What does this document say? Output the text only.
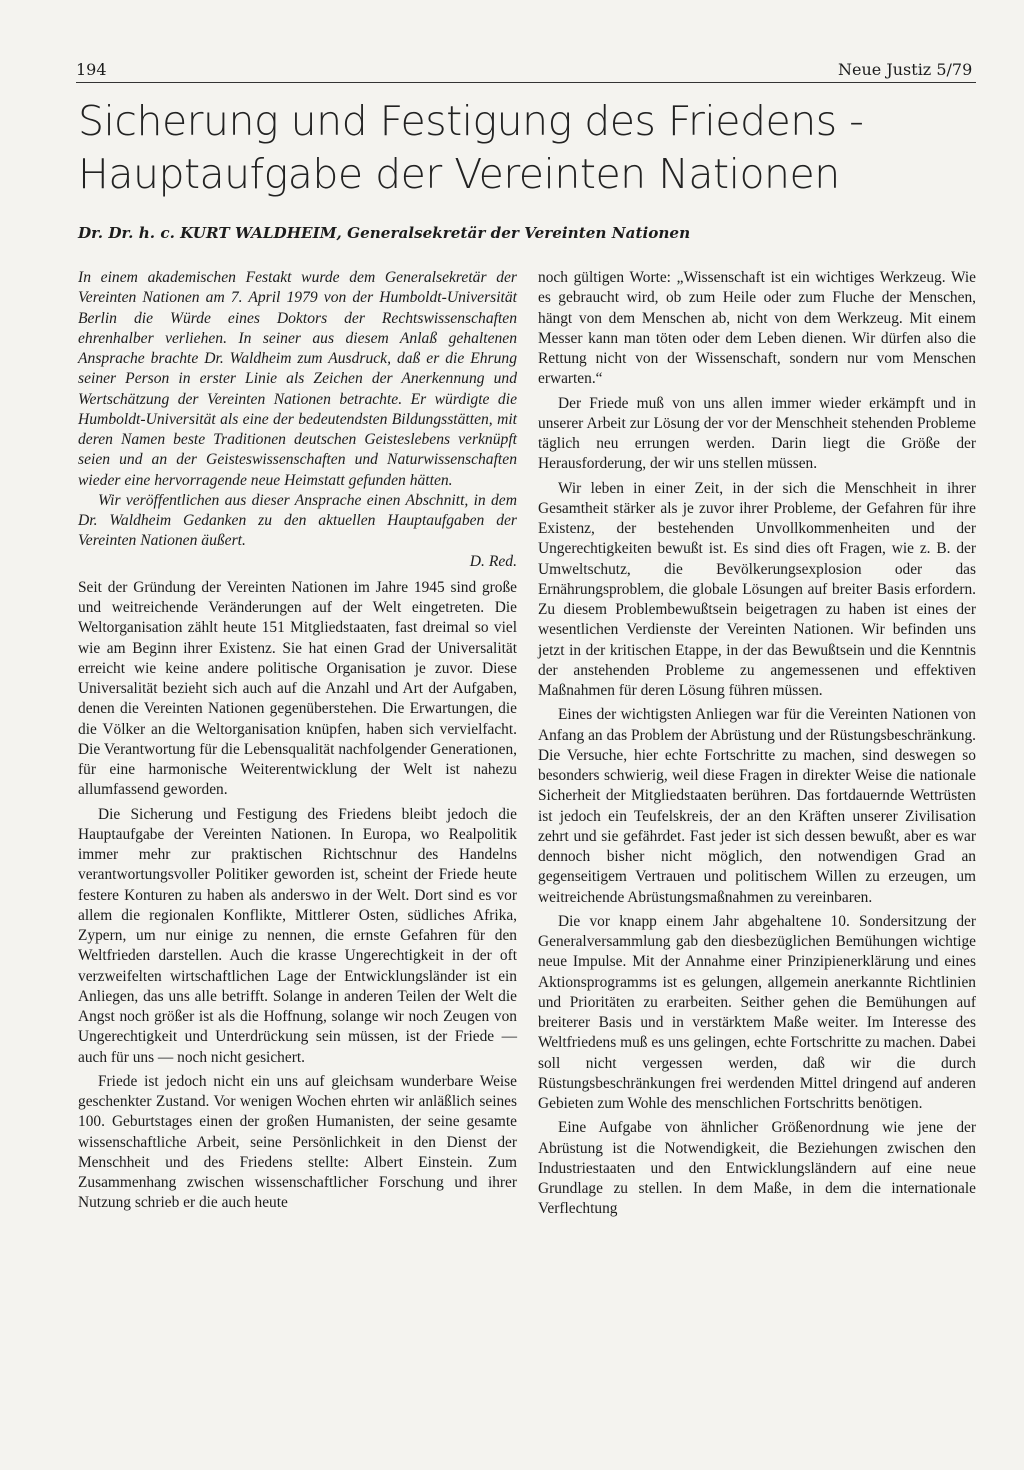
194	Neue Justiz 5/79
Sicherung und Festigung des Friedens -
Hauptaufgabe der Vereinten Nationen
Dr. Dr. h. c. KURT WALDHEIM, Generalsekretär der Vereinten Nationen

In einem akademischen Festakt wurde dem Generalsekretär der Vereinten Nationen am 7. April 1979 von der Humboldt-Universität Berlin die Würde eines Doktors der Rechtswissenschaften ehrenhalber verliehen. In seiner aus diesem Anlaß gehaltenen Ansprache brachte Dr. Waldheim zum Ausdruck, daß er die Ehrung seiner Person in erster Linie als Zeichen der Anerkennung und Wertschätzung der Vereinten Nationen betrachte. Er würdigte die Humboldt-Universität als eine der bedeutendsten Bildungsstätten, mit deren Namen beste Traditionen deutschen Geisteslebens verknüpft seien und an der Geisteswissenschaften und Naturwissenschaften wieder eine hervorragende neue Heimstatt gefunden hätten.

Wir veröffentlichen aus dieser Ansprache einen Abschnitt, in dem Dr. Waldheim Gedanken zu den aktuellen Hauptaufgaben der Vereinten Nationen äußert.

D. Red.

Seit der Gründung der Vereinten Nationen im Jahre 1945 sind große und weitreichende Veränderungen auf der Welt eingetreten. Die Weltorganisation zählt heute 151 Mitgliedstaaten, fast dreimal so viel wie am Beginn ihrer Existenz. Sie hat einen Grad der Universalität erreicht wie keine andere politische Organisation je zuvor. Diese Universalität bezieht sich auch auf die Anzahl und Art der Aufgaben, denen die Vereinten Nationen gegenüberstehen. Die Erwartungen, die die Völker an die Weltorganisation knüpfen, haben sich vervielfacht. Die Verantwortung für die Lebensqualität nachfolgender Generationen, für eine harmonische Weiterentwicklung der Welt ist nahezu allumfassend geworden.

Die Sicherung und Festigung des Friedens bleibt jedoch die Hauptaufgabe der Vereinten Nationen. In Europa, wo Realpolitik immer mehr zur praktischen Richtschnur des Handelns verantwortungsvoller Politiker geworden ist, scheint der Friede heute festere Konturen zu haben als anderswo in der Welt. Dort sind es vor allem die regionalen Konflikte, Mittlerer Osten, südliches Afrika, Zypern, um nur einige zu nennen, die ernste Gefahren für den Weltfrieden darstellen. Auch die krasse Ungerechtigkeit in der oft verzweifelten wirtschaftlichen Lage der Entwicklungsländer ist ein Anliegen, das uns alle betrifft. Solange in anderen Teilen der Welt die Angst noch größer ist als die Hoffnung, solange wir noch Zeugen von Ungerechtigkeit und Unterdrückung sein müssen, ist der Friede — auch für uns — noch nicht gesichert.

Friede ist jedoch nicht ein uns auf gleichsam wunderbare Weise geschenkter Zustand. Vor wenigen Wochen ehrten wir anläßlich seines 100. Geburtstages einen der großen Humanisten, der seine gesamte wissenschaftliche Arbeit, seine Persönlichkeit in den Dienst der Menschheit und des Friedens stellte: Albert Einstein. Zum Zusammenhang zwischen wissenschaftlicher Forschung und ihrer Nutzung schrieb er die auch heute

noch gültigen Worte: „Wissenschaft ist ein wichtiges Werkzeug. Wie es gebraucht wird, ob zum Heile oder zum Fluche der Menschen, hängt von dem Menschen ab, nicht von dem Werkzeug. Mit einem Messer kann man töten oder dem Leben dienen. Wir dürfen also die Rettung nicht von der Wissenschaft, sondern nur vom Menschen erwarten.“

Der Friede muß von uns allen immer wieder erkämpft und in unserer Arbeit zur Lösung der vor der Menschheit stehenden Probleme täglich neu errungen werden. Darin liegt die Größe der Herausforderung, der wir uns stellen müssen.

Wir leben in einer Zeit, in der sich die Menschheit in ihrer Gesamtheit stärker als je zuvor ihrer Probleme, der Gefahren für ihre Existenz, der bestehenden Unvollkommenheiten und der Ungerechtigkeiten bewußt ist. Es sind dies oft Fragen, wie z. B. der Umweltschutz, die Bevölkerungsexplosion oder das Ernährungsproblem, die globale Lösungen auf breiter Basis erfordern. Zu diesem Problembewußtsein beigetragen zu haben ist eines der wesentlichen Verdienste der Vereinten Nationen. Wir befinden uns jetzt in der kritischen Etappe, in der das Bewußtsein und die Kenntnis der anstehenden Probleme zu angemessenen und effektiven Maßnahmen für deren Lösung führen müssen.

Eines der wichtigsten Anliegen war für die Vereinten Nationen von Anfang an das Problem der Abrüstung und der Rüstungsbeschränkung. Die Versuche, hier echte Fortschritte zu machen, sind deswegen so besonders schwierig, weil diese Fragen in direkter Weise die nationale Sicherheit der Mitgliedstaaten berühren. Das fortdauernde Wettrüsten ist jedoch ein Teufelskreis, der an den Kräften unserer Zivilisation zehrt und sie gefährdet. Fast jeder ist sich dessen bewußt, aber es war dennoch bisher nicht möglich, den notwendigen Grad an gegenseitigem Vertrauen und politischem Willen zu erzeugen, um weitreichende Abrüstungsmaßnahmen zu vereinbaren.

Die vor knapp einem Jahr abgehaltene 10. Sondersitzung der Generalversammlung gab den diesbezüglichen Bemühungen wichtige neue Impulse. Mit der Annahme einer Prinzipienerklärung und eines Aktionsprogramms ist es gelungen, allgemein anerkannte Richtlinien und Prioritäten zu erarbeiten. Seither gehen die Bemühungen auf breiterer Basis und in verstärktem Maße weiter. Im Interesse des Weltfriedens muß es uns gelingen, echte Fortschritte zu machen. Dabei soll nicht vergessen werden, daß wir die durch Rüstungsbeschränkungen frei werdenden Mittel dringend auf anderen Gebieten zum Wohle des menschlichen Fortschritts benötigen.

Eine Aufgabe von ähnlicher Größenordnung wie jene der Abrüstung ist die Notwendigkeit, die Beziehungen zwischen den Industriestaaten und den Entwicklungsländern auf eine neue Grundlage zu stellen. In dem Maße, in dem die internationale Verflechtung
